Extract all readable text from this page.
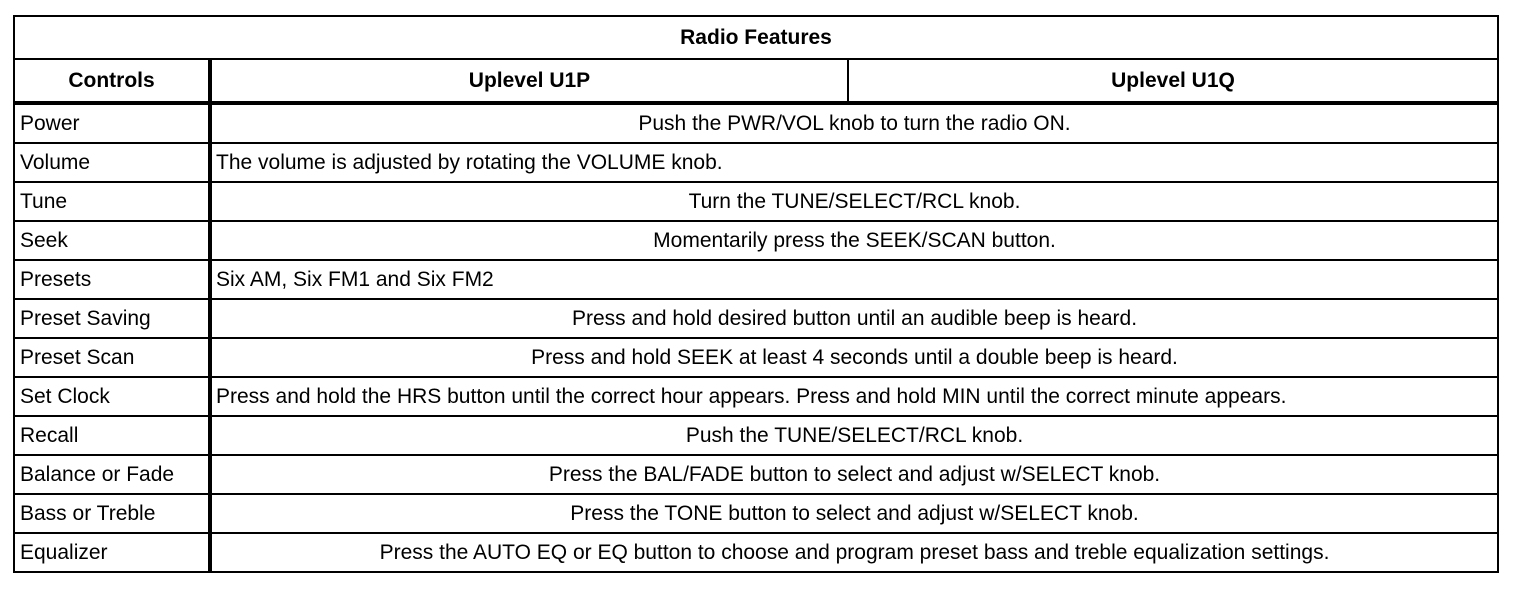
Radio Features		
Controls	Uplevel U1P	Uplevel U1Q
Power	Push the PWR/VOL knob to turn the radio ON.	
Volume	The volume is adjusted by rotating the VOLUME knob.	
Tune	Turn the TUNE/SELECT/RCL knob.	
Seek	Momentarily press the SEEK/SCAN button.	
Presets	Six AM, Six FM1 and Six FM2	
Preset Saving	Press and hold desired button until an audible beep is heard.	
Preset Scan	Press and hold SEEK at least 4 seconds until a double beep is heard.	
Set Clock	Press and hold the HRS button until the correct hour appears. Press and hold MIN until the correct minute appears.	
Recall	Push the TUNE/SELECT/RCL knob.	
Balance or Fade	Press the BAL/FADE button to select and adjust w/SELECT knob.	
Bass or Treble	Press the TONE button to select and adjust w/SELECT knob.	
Equalizer	Press the AUTO EQ or EQ button to choose and program preset bass and treble equalization settings.	
